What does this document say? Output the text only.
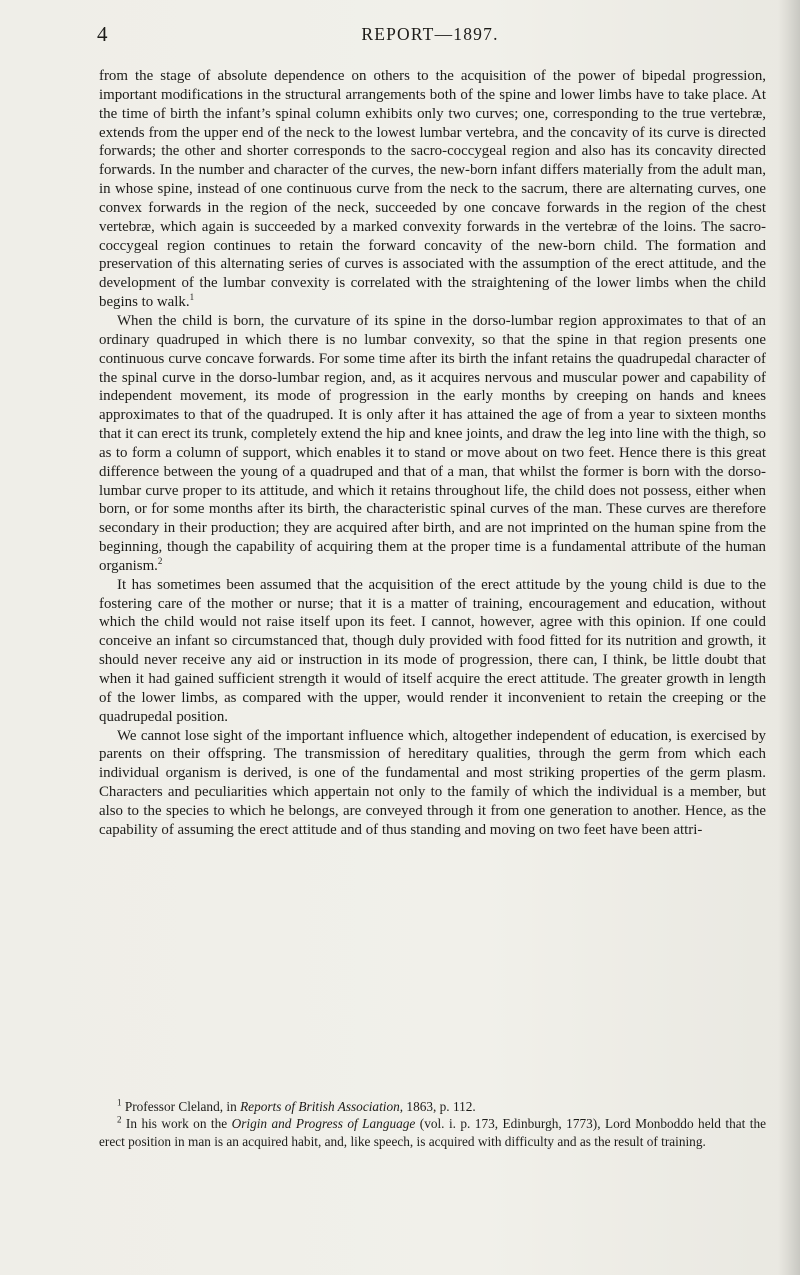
4	REPORT—1897.

from the stage of absolute dependence on others to the acquisition of the power of bipedal progression, important modifications in the structural arrangements both of the spine and lower limbs have to take place. At the time of birth the infant’s spinal column exhibits only two curves; one, corresponding to the true vertebræ, extends from the upper end of the neck to the lowest lumbar vertebra, and the concavity of its curve is directed forwards; the other and shorter corresponds to the sacro-coccygeal region and also has its concavity directed forwards. In the number and character of the curves, the new-born infant differs materially from the adult man, in whose spine, instead of one continuous curve from the neck to the sacrum, there are alternating curves, one convex forwards in the region of the neck, succeeded by one concave forwards in the region of the chest vertebræ, which again is succeeded by a marked convexity forwards in the vertebræ of the loins. The sacro-coccygeal region continues to retain the forward concavity of the new-born child. The formation and preservation of this alternating series of curves is associated with the assumption of the erect attitude, and the development of the lumbar convexity is correlated with the straightening of the lower limbs when the child begins to walk.$^1$

When the child is born, the curvature of its spine in the dorso-lumbar region approximates to that of an ordinary quadruped in which there is no lumbar convexity, so that the spine in that region presents one continuous curve concave forwards. For some time after its birth the infant retains the quadrupedal character of the spinal curve in the dorso-lumbar region, and, as it acquires nervous and muscular power and capability of independent movement, its mode of progression in the early months by creeping on hands and knees approximates to that of the quadruped. It is only after it has attained the age of from a year to sixteen months that it can erect its trunk, completely extend the hip and knee joints, and draw the leg into line with the thigh, so as to form a column of support, which enables it to stand or move about on two feet. Hence there is this great difference between the young of a quadruped and that of a man, that whilst the former is born with the dorso-lumbar curve proper to its attitude, and which it retains throughout life, the child does not possess, either when born, or for some months after its birth, the characteristic spinal curves of the man. These curves are therefore secondary in their production; they are acquired after birth, and are not imprinted on the human spine from the beginning, though the capability of acquiring them at the proper time is a fundamental attribute of the human organism.$^2$

It has sometimes been assumed that the acquisition of the erect attitude by the young child is due to the fostering care of the mother or nurse; that it is a matter of training, encouragement and education, without which the child would not raise itself upon its feet. I cannot, however, agree with this opinion. If one could conceive an infant so circumstanced that, though duly provided with food fitted for its nutrition and growth, it should never receive any aid or instruction in its mode of progression, there can, I think, be little doubt that when it had gained sufficient strength it would of itself acquire the erect attitude. The greater growth in length of the lower limbs, as compared with the upper, would render it inconvenient to retain the creeping or the quadrupedal position.

We cannot lose sight of the important influence which, altogether independent of education, is exercised by parents on their offspring. The transmission of hereditary qualities, through the germ from which each individual organism is derived, is one of the fundamental and most striking properties of the germ plasm. Characters and peculiarities which appertain not only to the family of which the individual is a member, but also to the species to which he belongs, are conveyed through it from one generation to another. Hence, as the capability of assuming the erect attitude and of thus standing and moving on two feet have been attri-

$^1$ Professor Cleland, in Reports of British Association, 1863, p. 112.

$^2$ In his work on the Origin and Progress of Language (vol. i. p. 173, Edinburgh, 1773), Lord Monboddo held that the erect position in man is an acquired habit, and, like speech, is acquired with difficulty and as the result of training.
